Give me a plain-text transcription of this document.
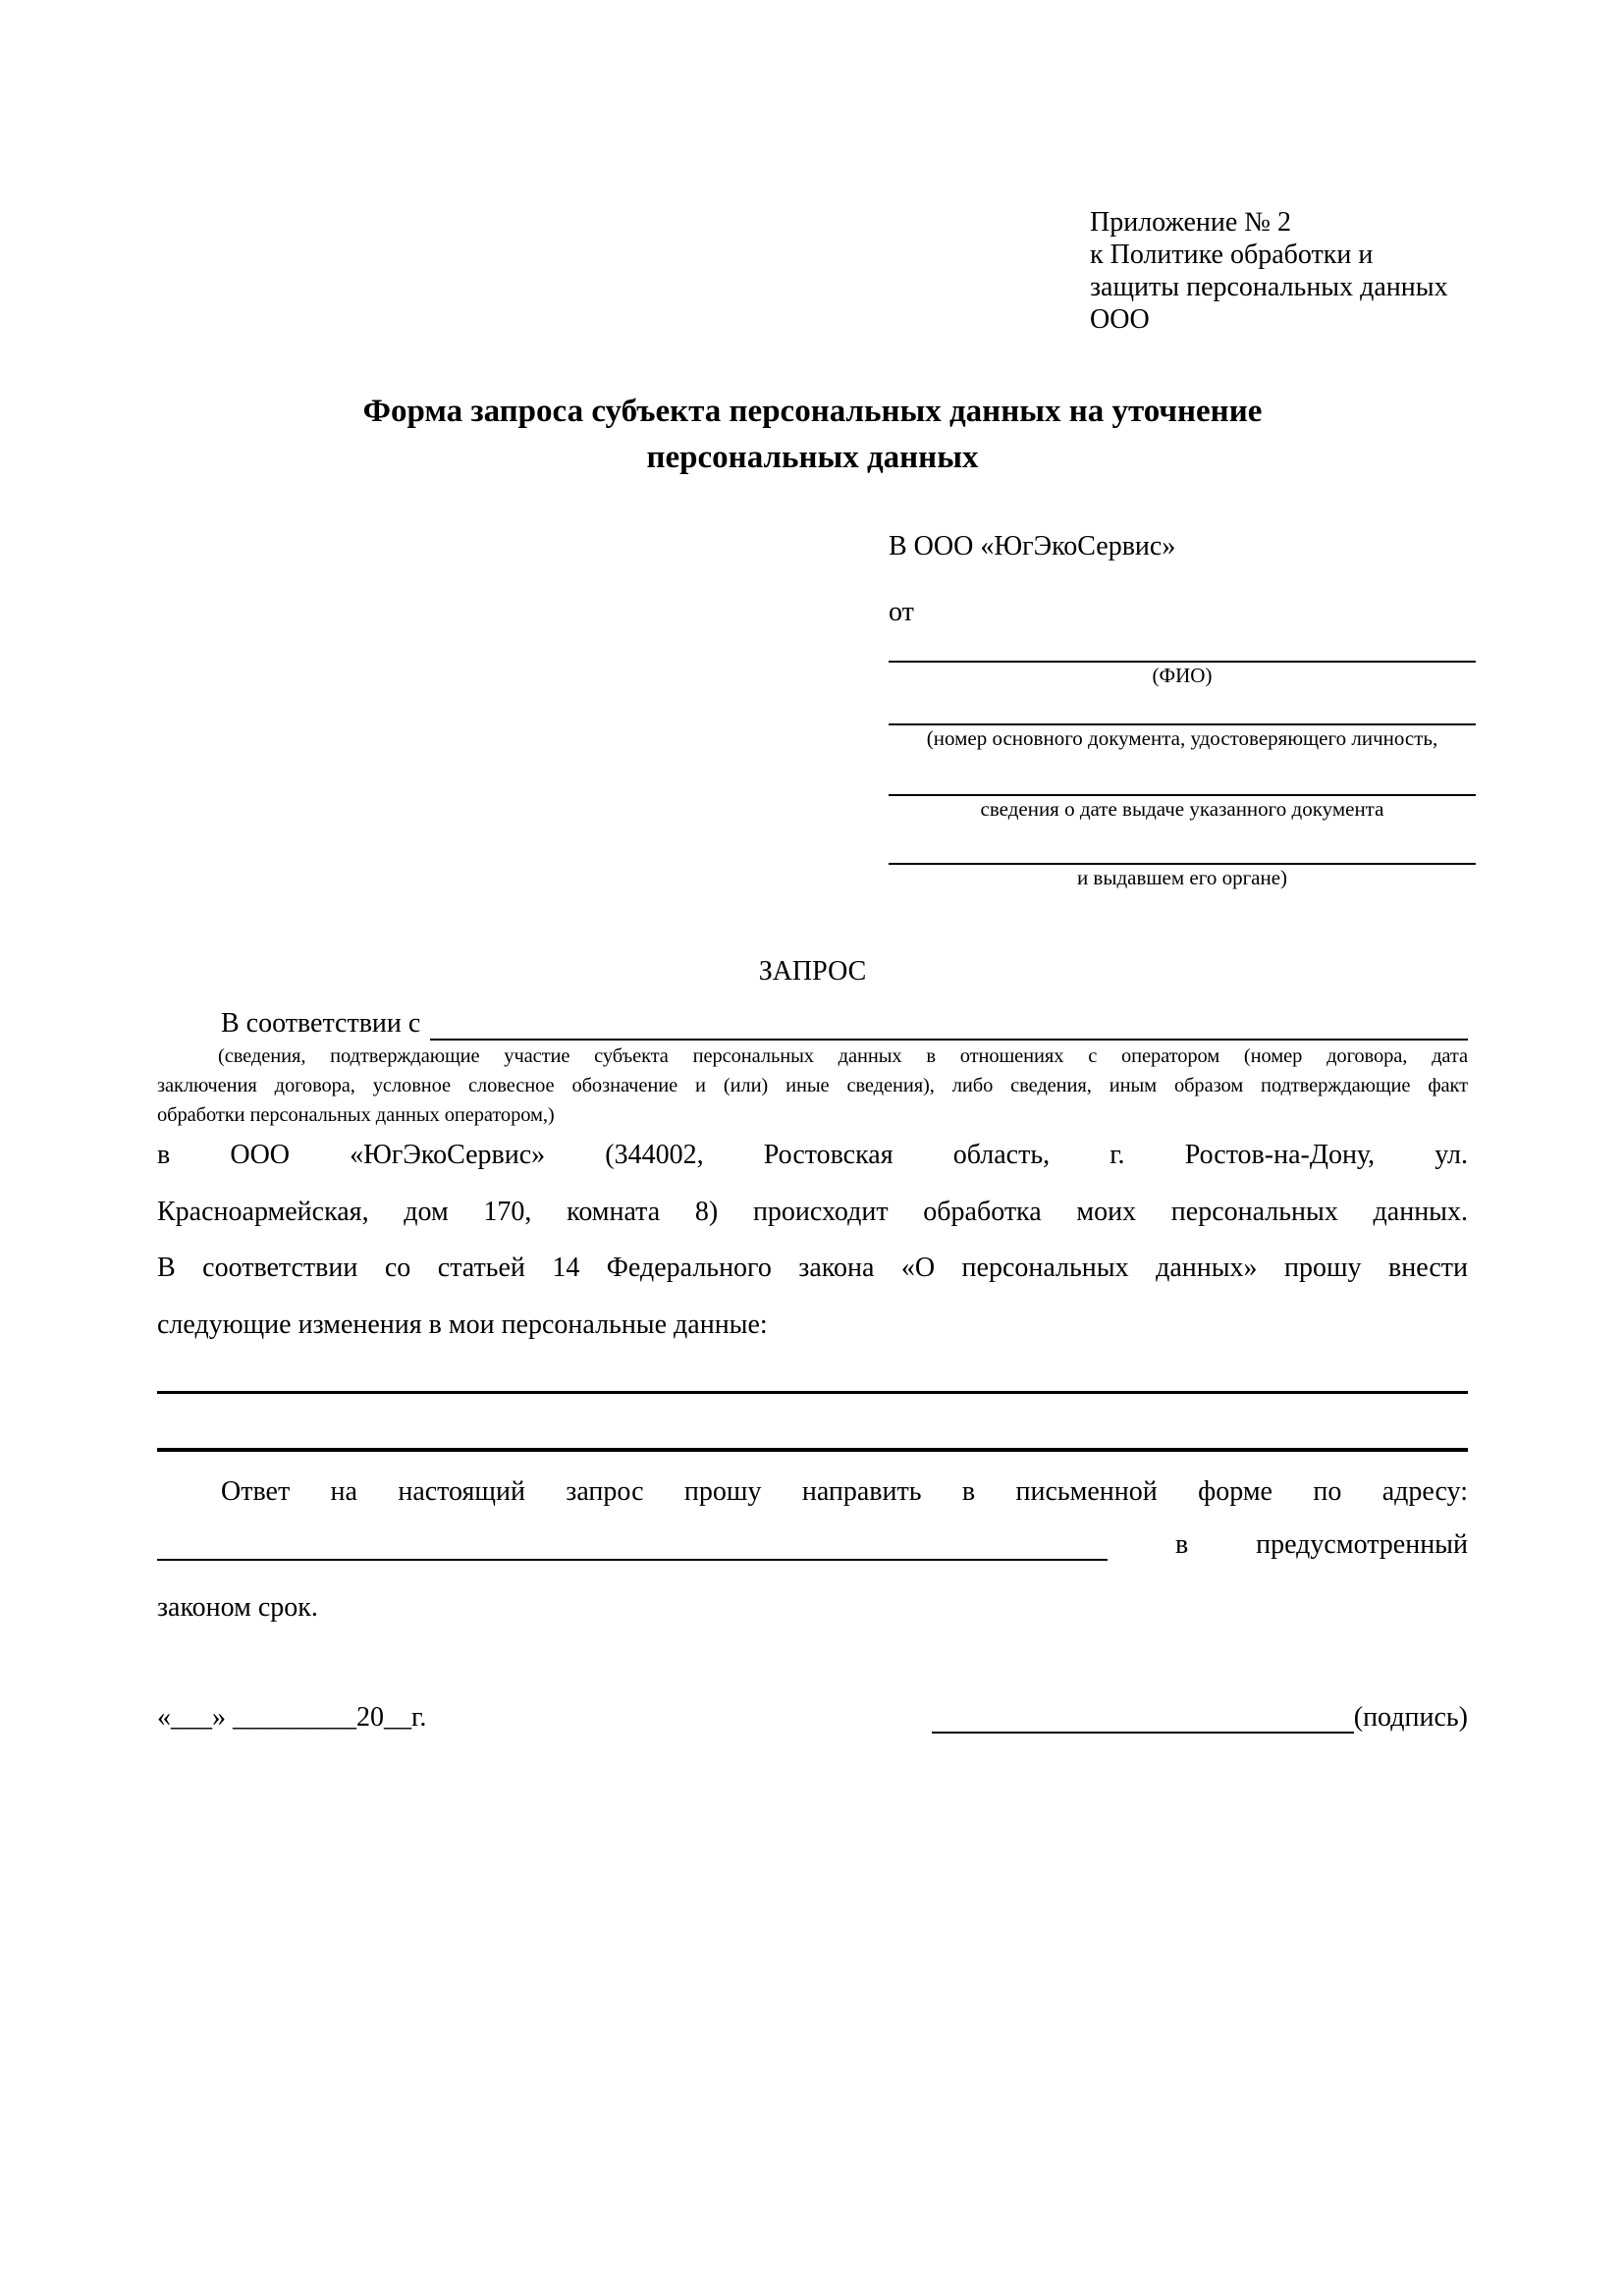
Приложение № 2
к Политике обработки и
защиты персональных данных
ООО
Форма запроса субъекта персональных данных на уточнение
персональных данных
В ООО «ЮгЭкоСервис»
от
(ФИО)
(номер основного документа, удостоверяющего личность,
сведения о дате выдаче указанного документа
и выдавшем его органе)
ЗАПРОС
В соответствии с
(сведения, подтверждающие участие субъекта персональных данных в отношениях с оператором (номер договора, дата
заключения договора, условное словесное обозначение и (или) иные сведения), либо сведения, иным образом подтверждающие факт
обработки персональных данных оператором,)
в ООО «ЮгЭкоСервис» (344002, Ростовская область, г. Ростов-на-Дону, ул.
Красноармейская, дом 170, комната 8) происходит обработка моих персональных данных.
В соответствии со статьей 14 Федерального закона «О персональных данных» прошу внести
следующие изменения в мои персональные данные:
Ответ на настоящий запрос прошу направить в письменной форме по адресу:
в предусмотренный
законом срок.
«___» _________20__г.	(подпись)
